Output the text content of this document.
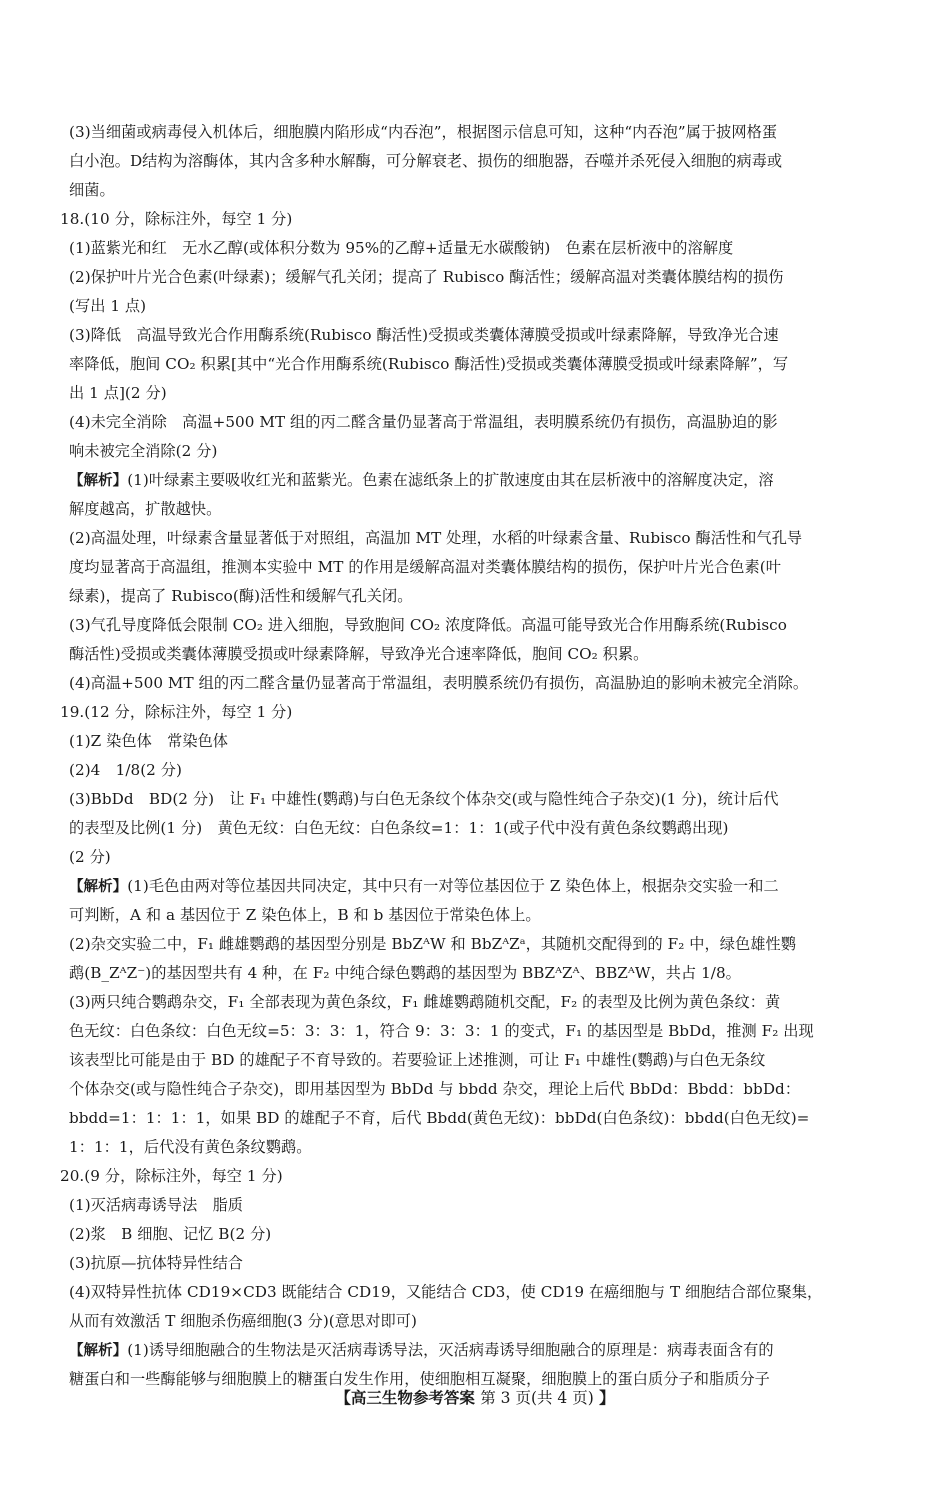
(3)当细菌或病毒侵入机体后，细胞膜内陷形成“内吞泡”，根据图示信息可知，这种“内吞泡”属于披网格蛋
白小泡。D结构为溶酶体，其内含多种水解酶，可分解衰老、损伤的细胞器，吞噬并杀死侵入细胞的病毒或
细菌。
18.(10 分，除标注外，每空 1 分)
(1)蓝紫光和红　无水乙醇(或体积分数为 95%的乙醇+适量无水碳酸钠)　色素在层析液中的溶解度
(2)保护叶片光合色素(叶绿素)；缓解气孔关闭；提高了 Rubisco 酶活性；缓解高温对类囊体膜结构的损伤
(写出 1 点)
(3)降低　高温导致光合作用酶系统(Rubisco 酶活性)受损或类囊体薄膜受损或叶绿素降解，导致净光合速
率降低，胞间 CO₂ 积累[其中“光合作用酶系统(Rubisco 酶活性)受损或类囊体薄膜受损或叶绿素降解”，写
出 1 点](2 分)
(4)未完全消除　高温+500 MT 组的丙二醛含量仍显著高于常温组，表明膜系统仍有损伤，高温胁迫的影
响未被完全消除(2 分)
【解析】(1)叶绿素主要吸收红光和蓝紫光。色素在滤纸条上的扩散速度由其在层析液中的溶解度决定，溶
解度越高，扩散越快。
(2)高温处理，叶绿素含量显著低于对照组，高温加 MT 处理，水稻的叶绿素含量、Rubisco 酶活性和气孔导
度均显著高于高温组，推测本实验中 MT 的作用是缓解高温对类囊体膜结构的损伤，保护叶片光合色素(叶
绿素)，提高了 Rubisco(酶)活性和缓解气孔关闭。
(3)气孔导度降低会限制 CO₂ 进入细胞，导致胞间 CO₂ 浓度降低。高温可能导致光合作用酶系统(Rubisco
酶活性)受损或类囊体薄膜受损或叶绿素降解，导致净光合速率降低，胞间 CO₂ 积累。
(4)高温+500 MT 组的丙二醛含量仍显著高于常温组，表明膜系统仍有损伤，高温胁迫的影响未被完全消除。
19.(12 分，除标注外，每空 1 分)
(1)Z 染色体　常染色体
(2)4　1/8(2 分)
(3)BbDd　BD(2 分)　让 F₁ 中雄性(鹦鹉)与白色无条纹个体杂交(或与隐性纯合子杂交)(1 分)，统计后代
的表型及比例(1 分)　黄色无纹：白色无纹：白色条纹=1：1：1(或子代中没有黄色条纹鹦鹉出现)
(2 分)
【解析】(1)毛色由两对等位基因共同决定，其中只有一对等位基因位于 Z 染色体上，根据杂交实验一和二
可判断，A 和 a 基因位于 Z 染色体上，B 和 b 基因位于常染色体上。
(2)杂交实验二中，F₁ 雌雄鹦鹉的基因型分别是 BbZᴬW 和 BbZᴬZᵃ，其随机交配得到的 F₂ 中，绿色雄性鹦
鹉(B_ZᴬZ⁻)的基因型共有 4 种，在 F₂ 中纯合绿色鹦鹉的基因型为 BBZᴬZᴬ、BBZᴬW，共占 1/8。
(3)两只纯合鹦鹉杂交，F₁ 全部表现为黄色条纹，F₁ 雌雄鹦鹉随机交配，F₂ 的表型及比例为黄色条纹：黄
色无纹：白色条纹：白色无纹=5：3：3：1，符合 9：3：3：1 的变式，F₁ 的基因型是 BbDd，推测 F₂ 出现
该表型比可能是由于 BD 的雄配子不育导致的。若要验证上述推测，可让 F₁ 中雄性(鹦鹉)与白色无条纹
个体杂交(或与隐性纯合子杂交)，即用基因型为 BbDd 与 bbdd 杂交，理论上后代 BbDd：Bbdd：bbDd：
bbdd=1：1：1：1，如果 BD 的雄配子不育，后代 Bbdd(黄色无纹)：bbDd(白色条纹)：bbdd(白色无纹)=
1：1：1，后代没有黄色条纹鹦鹉。
20.(9 分，除标注外，每空 1 分)
(1)灭活病毒诱导法　脂质
(2)浆　B 细胞、记忆 B(2 分)
(3)抗原—抗体特异性结合
(4)双特异性抗体 CD19×CD3 既能结合 CD19，又能结合 CD3，使 CD19 在癌细胞与 T 细胞结合部位聚集，
从而有效激活 T 细胞杀伤癌细胞(3 分)(意思对即可)
【解析】(1)诱导细胞融合的生物法是灭活病毒诱导法，灭活病毒诱导细胞融合的原理是：病毒表面含有的
糖蛋白和一些酶能够与细胞膜上的糖蛋白发生作用，使细胞相互凝聚，细胞膜上的蛋白质分子和脂质分子
【高三生物参考答案 第 3 页(共 4 页) 】
